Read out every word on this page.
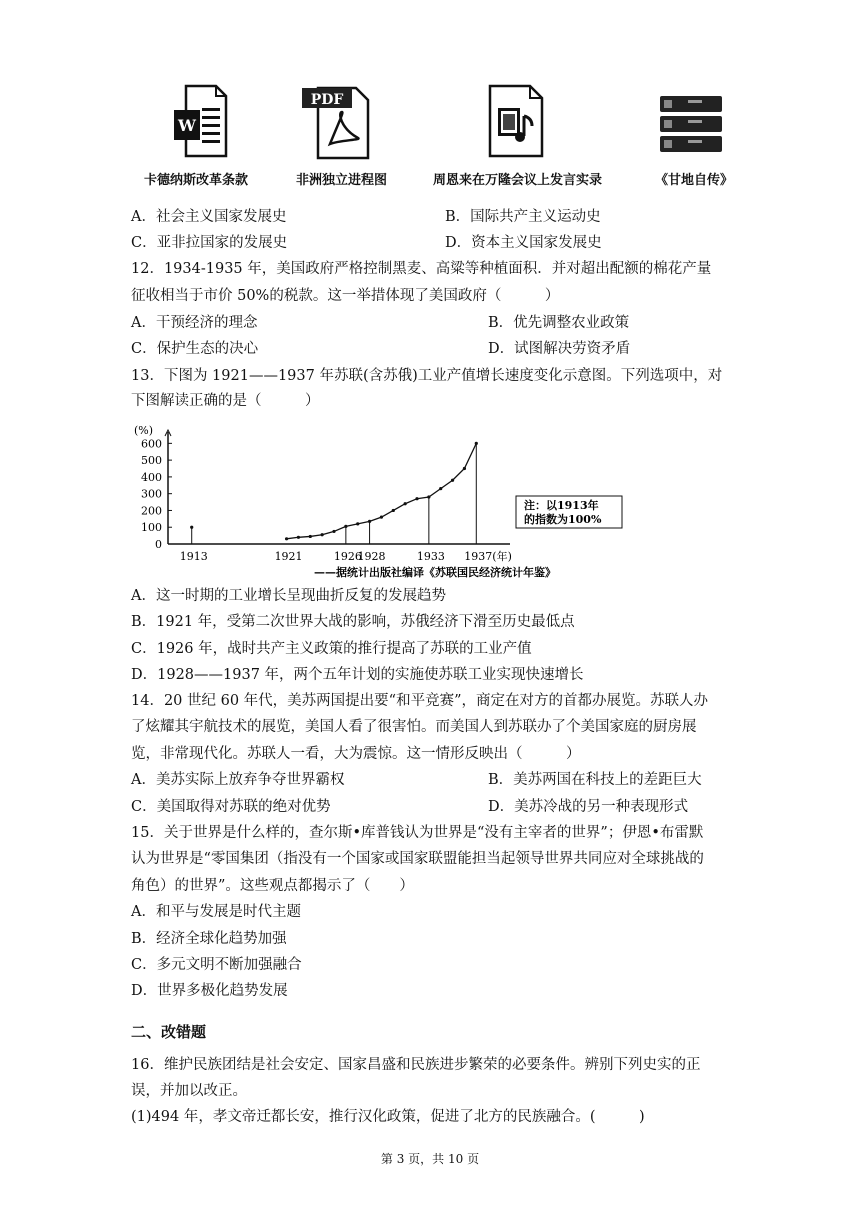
W
PDF
卡德纳斯改革条款	非洲独立进程图	周恩来在万隆会议上发言实录	《甘地自传》
A．社会主义国家发展史	B．国际共产主义运动史
C．亚非拉国家的发展史	D．资本主义国家发展史
12．1934-1935 年，美国政府严格控制黑麦、高粱等种植面积．并对超出配额的棉花产量
征收相当于市价 50%的税款。这一举措体现了美国政府（　　　）
A．干预经济的理念	B．优先调整农业政策
C．保护生态的决心	D．试图解决劳资矛盾
13．下图为 1921——1937 年苏联(含苏俄)工业产值增长速度变化示意图。下列选项中，对
下图解读正确的是（　　　）
(%)
0
100
200
300
400
500
600
1913	1921	1926
1928	1933 1937(年)
注：以1913年
的指数为100%
——据统计出版社编译《苏联国民经济统计年鉴》
A．这一时期的工业增长呈现曲折反复的发展趋势
B．1921 年，受第二次世界大战的影响，苏俄经济下滑至历史最低点
C．1926 年，战时共产主义政策的推行提高了苏联的工业产值
D．1928——1937 年，两个五年计划的实施使苏联工业实现快速增长
14．20 世纪 60 年代，美苏两国提出要“和平竞赛”，商定在对方的首都办展览。苏联人办
了炫耀其宇航技术的展览，美国人看了很害怕。而美国人到苏联办了个美国家庭的厨房展
览，非常现代化。苏联人一看，大为震惊。这一情形反映出（　　　）
A．美苏实际上放弃争夺世界霸权	B．美苏两国在科技上的差距巨大
C．美国取得对苏联的绝对优势	D．美苏冷战的另一种表现形式
15．关于世界是什么样的，查尔斯•库普钱认为世界是“没有主宰者的世界”；伊恩•布雷默
认为世界是“零国集团（指没有一个国家或国家联盟能担当起领导世界共同应对全球挑战的
角色）的世界”。这些观点都揭示了（　　）
A．和平与发展是时代主题
B．经济全球化趋势加强
C．多元文明不断加强融合
D．世界多极化趋势发展
二、改错题
16．维护民族团结是社会安定、国家昌盛和民族进步繁荣的必要条件。辨别下列史实的正
误，并加以改正。
(1)494 年，孝文帝迁都长安，推行汉化政策，促进了北方的民族融合。(　　　)
第 3 页，共 10 页
